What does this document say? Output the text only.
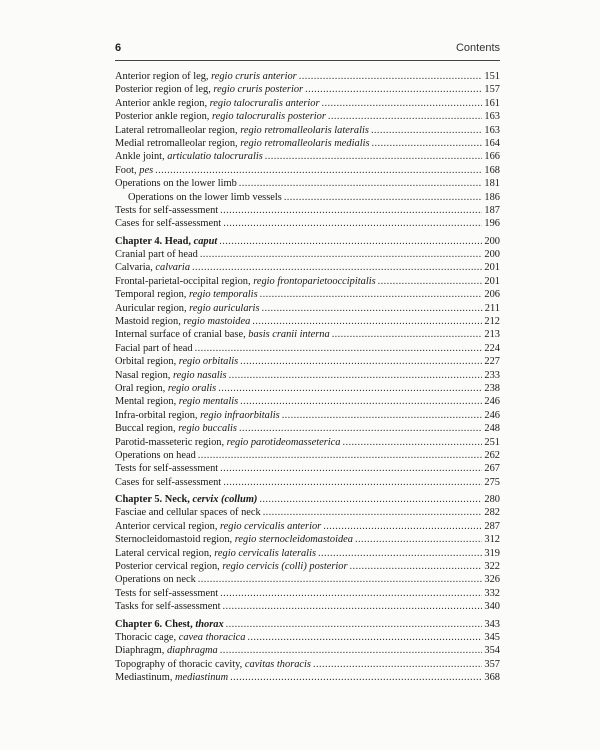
6	Contents
Anterior region of leg, regio cruris anterior .....	151
Posterior region of leg, regio cruris posterior .....	157
Anterior ankle region, regio talocruralis anterior .....	161
Posterior ankle region, regio talocruralis posterior .....	163
Lateral retromalleolar region, regio retromalleolaris lateralis .....	163
Medial retromalleolar region, regio retromalleolaris medialis .....	164
Ankle joint, articulatio talocruralis .....	166
Foot, pes .....	168
Operations on the lower limb .....	181
Operations on the lower limb vessels .....	186
Tests for self-assessment .....	187
Cases for self-assessment .....	196
Chapter 4. Head, caput .....	200
Cranial part of head .....	200
Calvaria, calvaria .....	201
Frontal-parietal-occipital region, regio frontoparietooccipitalis .....	201
Temporal region, regio temporalis .....	206
Auricular region, regio auricularis .....	211
Mastoid region, regio mastoidea .....	212
Internal surface of cranial base, basis cranii interna .....	213
Facial part of head .....	224
Orbital region, regio orbitalis .....	227
Nasal region, regio nasalis .....	233
Oral region, regio oralis .....	238
Mental region, regio mentalis .....	246
Infra-orbital region, regio infraorbitalis .....	246
Buccal region, regio buccalis .....	248
Parotid-masseteric region, regio parotideomasseterica .....	251
Operations on head .....	262
Tests for self-assessment .....	267
Cases for self-assessment .....	275
Chapter 5. Neck, cervix (collum) .....	280
Fasciae and cellular spaces of neck .....	282
Anterior cervical region, regio cervicalis anterior .....	287
Sternocleidomastoid region, regio sternocleidomastoidea .....	312
Lateral cervical region, regio cervicalis lateralis .....	319
Posterior cervical region, regio cervicis (colli) posterior .....	322
Operations on neck .....	326
Tests for self-assessment .....	332
Tasks for self-assessment .....	340
Chapter 6. Chest, thorax .....	343
Thoracic cage, cavea thoracica .....	345
Diaphragm, diaphragma .....	354
Topography of thoracic cavity, cavitas thoracis .....	357
Mediastinum, mediastinum .....	368
